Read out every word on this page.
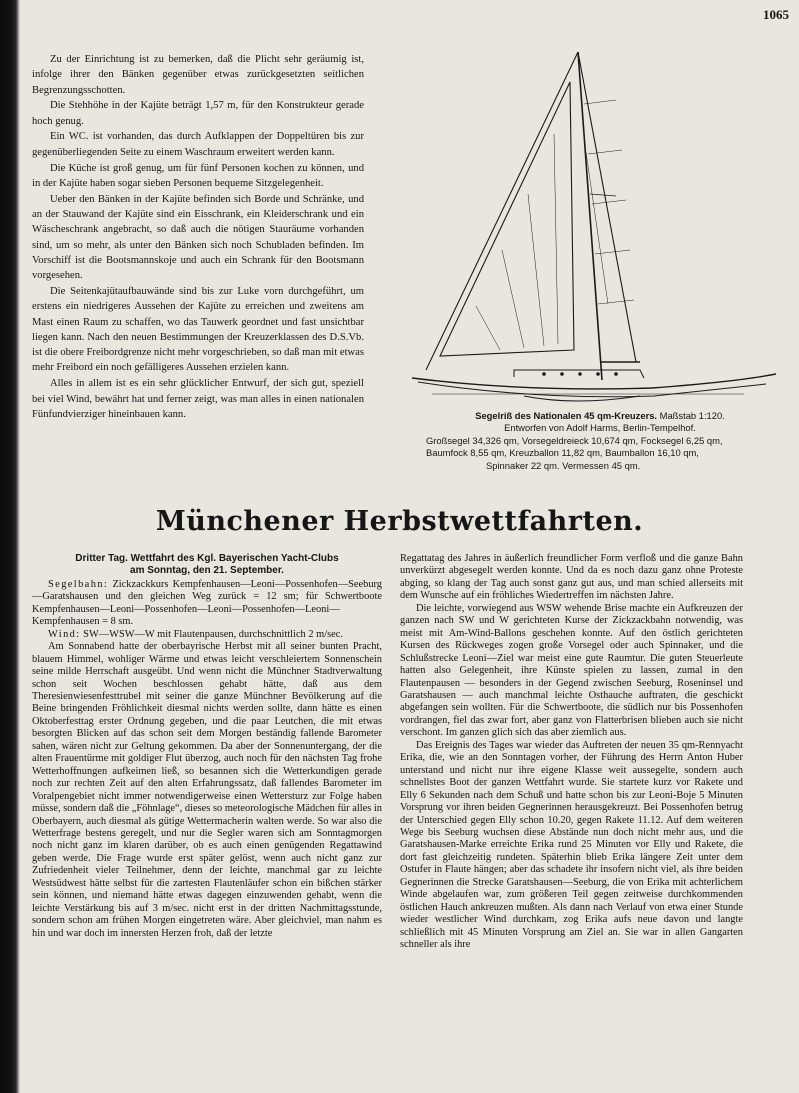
1065

Zu der Einrichtung ist zu bemerken, daß die Plicht sehr geräumig ist, infolge ihrer den Bänken gegenüber etwas zurückgesetzten seitlichen Begrenzungsschotten.

Die Stehhöhe in der Kajüte beträgt 1,57 m, für den Konstrukteur gerade hoch genug.

Ein WC. ist vorhanden, das durch Aufklappen der Doppeltüren bis zur gegenüberliegenden Seite zu einem Waschraum erweitert werden kann.

Die Küche ist groß genug, um für fünf Personen kochen zu können, und in der Kajüte haben sogar sieben Personen bequeme Sitzgelegenheit.

Ueber den Bänken in der Kajüte befinden sich Borde und Schränke, und an der Stauwand der Kajüte sind ein Eisschrank, ein Kleiderschrank und ein Wäscheschrank angebracht, so daß auch die nötigen Stauräume vorhanden sind, um so mehr, als unter den Bänken sich noch Schubladen befinden. Im Vorschiff ist die Bootsmannskoje und auch ein Schrank für den Bootsmann vorgesehen.

Die Seitenkajütaufbauwände sind bis zur Luke vorn durchgeführt, um erstens ein niedrigeres Aussehen der Kajüte zu erreichen und zweitens am Mast einen Raum zu schaffen, wo das Tauwerk geordnet und fast unsichtbar liegen kann. Nach den neuen Bestimmungen der Kreuzerklassen des D.S.Vb. ist die obere Freibordgrenze nicht mehr vorgeschrieben, so daß man mit etwas mehr Freibord ein noch gefälligeres Aussehen erzielen kann.

Alles in allem ist es ein sehr glücklicher Entwurf, der sich gut, speziell bei viel Wind, bewährt hat und ferner zeigt, was man alles in einen nationalen Fünfundvierziger hineinbauen kann.	Segelriß des Nationalen 45 qm-Kreuzers. Maßstab 1:120.
Entworfen von Adolf Harms, Berlin-Tempelhof.
Großsegel 34,326 qm, Vorsegeldreieck 10,674 qm, Focksegel 6,25 qm,
Baumfock 8,55 qm, Kreuzballon 11,82 qm, Baumballon 16,10 qm,
Spinnaker 22 qm. Vermessen 45 qm.
Münchener Herbstwettfahrten.
Dritter Tag. Wettfahrt des Kgl. Bayerischen Yacht-Clubs
am Sonntag, den 21. September.

Segelbahn: Zickzackkurs Kempfenhausen—Leoni—Possenhofen—Seeburg—Garatshausen und den gleichen Weg zurück = 12 sm; für Schwertboote Kempfenhausen—Leoni—Possenhofen—Leoni—Possenhofen—Leoni—Kempfenhausen = 8 sm.

Wind: SW—WSW—W mit Flautenpausen, durchschnittlich 2 m/sec.

Am Sonnabend hatte der oberbayrische Herbst mit all seiner bunten Pracht, blauem Himmel, wohliger Wärme und etwas leicht verschleiertem Sonnenschein seine milde Herrschaft ausgeübt. Und wenn nicht die Münchner Stadtverwaltung schon seit Wochen beschlossen gehabt hätte, daß aus dem Theresienwiesenfesttrubel mit seiner die ganze Münchner Bevölkerung auf die Beine bringenden Fröhlichkeit diesmal nichts werden sollte, dann hätte es einen Oktoberfesttag erster Ordnung gegeben, und die paar Leutchen, die mit etwas besorgten Blicken auf das schon seit dem Morgen beständig fallende Barometer sahen, wären nicht zur Geltung gekommen. Da aber der Sonnenuntergang, der die alten Frauentürme mit goldiger Flut überzog, auch noch für den nächsten Tag frohe Wetterhoffnungen aufkeimen ließ, so besannen sich die Wetterkundigen gerade noch zur rechten Zeit auf den alten Erfahrungssatz, daß fallendes Barometer im Voralpengebiet nicht immer notwendigerweise einen Wettersturz zur Folge haben müsse, sondern daß die „Föhnlage“, dieses so meteorologische Mädchen für alles in Oberbayern, auch diesmal als gütige Wettermacherin walten werde. So war also die Wetterfrage bestens geregelt, und nur die Segler waren sich am Sonntagmorgen noch nicht ganz im klaren darüber, ob es auch einen genügenden Regattawind geben werde. Die Frage wurde erst später gelöst, wenn auch nicht ganz zur Zufriedenheit vieler Teilnehmer, denn der leichte, manchmal gar zu leichte Westsüdwest hätte selbst für die zartesten Flautenläufer schon ein bißchen stärker sein können, und niemand hätte etwas dagegen einzuwenden gehabt, wenn die leichte Verstärkung bis auf 3 m/sec. nicht erst in der dritten Nachmittagsstunde, sondern schon am frühen Morgen eingetreten wäre. Aber gleichviel, man nahm es hin und war doch im innersten Herzen froh, daß der letzte

Regattatag des Jahres in äußerlich freundlicher Form verfloß und die ganze Bahn unverkürzt abgesegelt werden konnte. Und da es noch dazu ganz ohne Proteste abging, so klang der Tag auch sonst ganz gut aus, und man schied allerseits mit dem Wunsche auf ein fröhliches Wiedertreffen im nächsten Jahre.

Die leichte, vorwiegend aus WSW wehende Brise machte ein Aufkreuzen der ganzen nach SW und W gerichteten Kurse der Zickzackbahn notwendig, was meist mit Am-Wind-Ballons geschehen konnte. Auf den östlich gerichteten Kursen des Rückweges zogen große Vorsegel oder auch Spinnaker, und die Schlußstrecke Leoni—Ziel war meist eine gute Raumtur. Die guten Steuerleute hatten also Gelegenheit, ihre Künste spielen zu lassen, zumal in den Flautenpausen — besonders in der Gegend zwischen Seeburg, Roseninsel und Garatshausen — auch manchmal leichte Osthauche auftraten, die geschickt abgefangen sein wollten. Für die Schwertboote, die südlich nur bis Possenhofen vordrangen, fiel das zwar fort, aber ganz von Flatterbrisen blieben auch sie nicht verschont. Im ganzen glich sich das aber ziemlich aus.

Das Ereignis des Tages war wieder das Auftreten der neuen 35 qm-Rennyacht Erika, die, wie an den Sonntagen vorher, der Führung des Herrn Anton Huber unterstand und nicht nur ihre eigene Klasse weit aussegelte, sondern auch schnellstes Boot der ganzen Wettfahrt wurde. Sie startete kurz vor Rakete und Elly 6 Sekunden nach dem Schuß und hatte schon bis zur Leoni-Boje 5 Minuten Vorsprung vor ihren beiden Gegnerinnen herausgekreuzt. Bei Possenhofen betrug der Unterschied gegen Elly schon 10.20, gegen Rakete 11.12. Auf dem weiteren Wege bis Seeburg wuchsen diese Abstände nun doch nicht mehr aus, und die Garatshausen-Marke erreichte Erika rund 25 Minuten vor Elly und Rakete, die dort fast gleichzeitig rundeten. Späterhin blieb Erika längere Zeit unter dem Ostufer in Flaute hängen; aber das schadete ihr insofern nicht viel, als ihre beiden Gegnerinnen die Strecke Garatshausen—Seeburg, die von Erika mit achterlichem Winde abgelaufen war, zum größeren Teil gegen zeitweise durchkommenden östlichen Hauch ankreuzen mußten. Als dann nach Verlauf von etwa einer Stunde wieder westlicher Wind durchkam, zog Erika aufs neue davon und langte schließlich mit 45 Minuten Vorsprung am Ziel an. Sie war in allen Gangarten schneller als ihre
